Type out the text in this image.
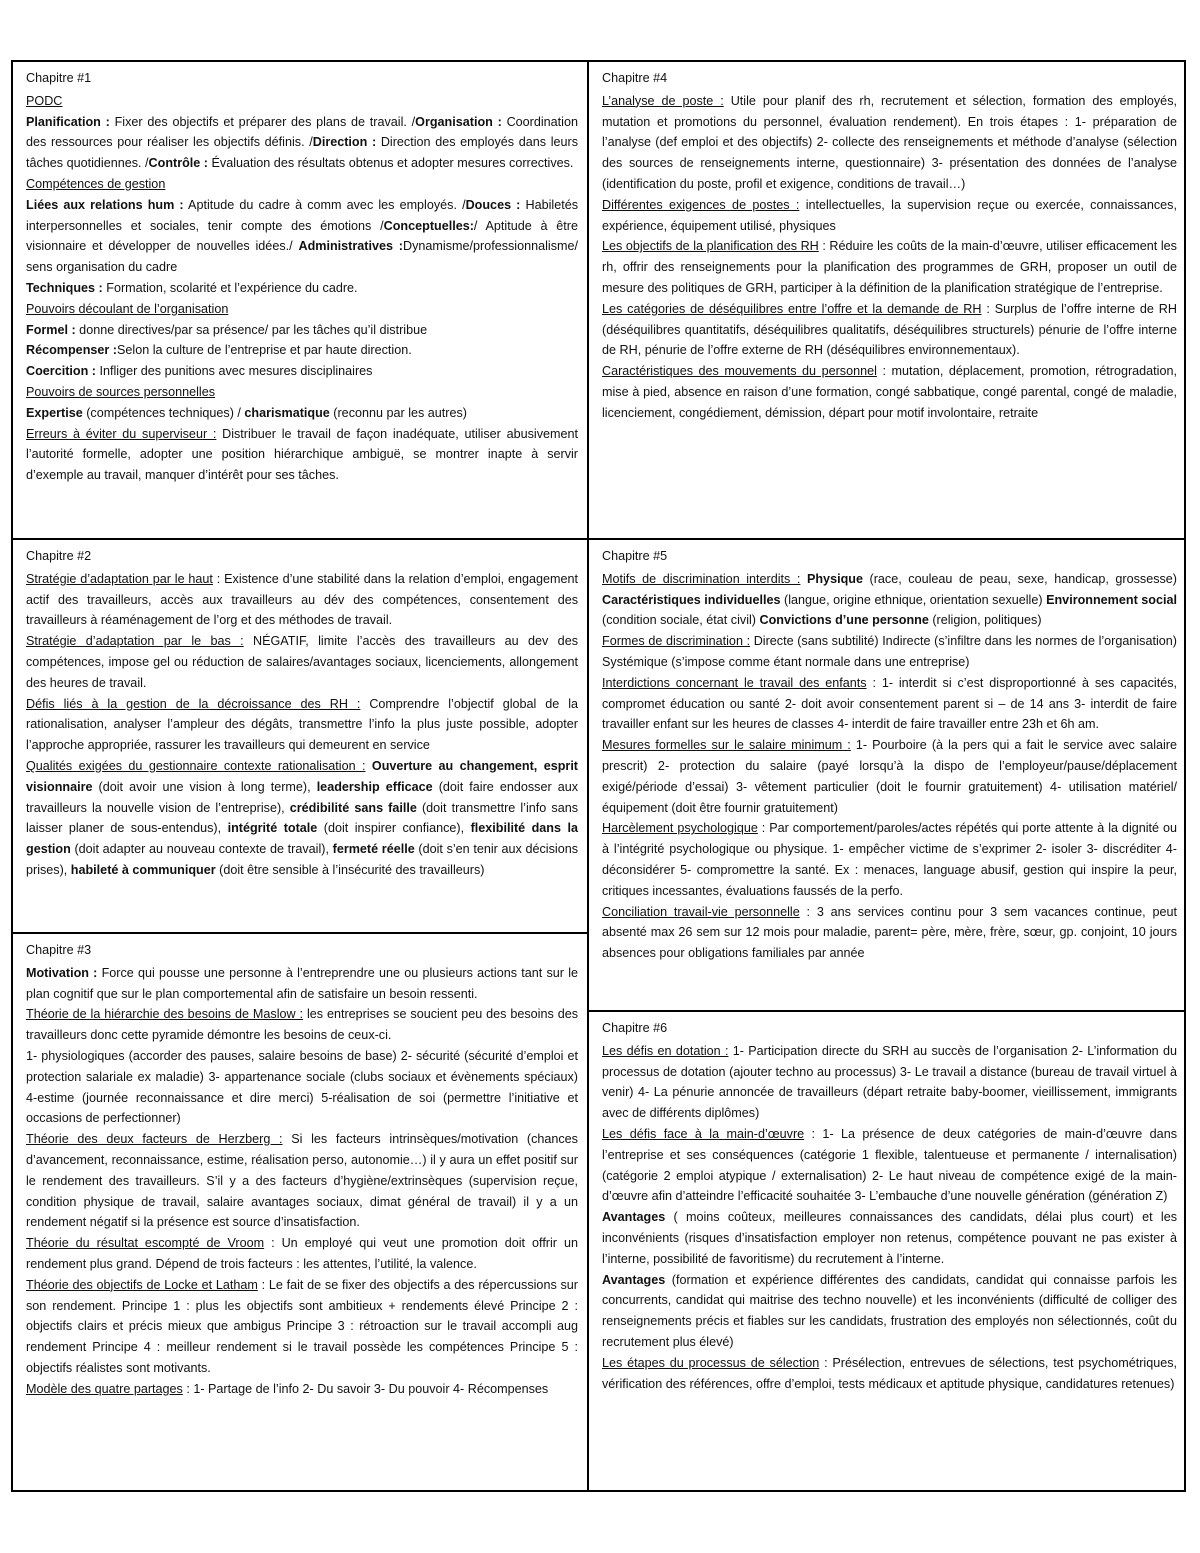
Chapitre #1

PODC

Planification : Fixer des objectifs et préparer des plans de travail. /Organisation : Coordination des ressources pour réaliser les objectifs définis. /Direction : Direction des employés dans leurs tâches quotidiennes. /Contrôle : Évaluation des résultats obtenus et adopter mesures correctives.

Compétences de gestion

Liées aux relations hum : Aptitude du cadre à comm avec les employés. /Douces : Habiletés interpersonnelles et sociales, tenir compte des émotions /Conceptuelles:/ Aptitude à être visionnaire et développer de nouvelles idées./ Administratives :Dynamisme/professionnalisme/ sens organisation du cadre

Techniques : Formation, scolarité et l’expérience du cadre.

Pouvoirs découlant de l’organisation

Formel : donne directives/par sa présence/ par les tâches qu’il distribue

Récompenser :Selon la culture de l’entreprise et par haute direction.

Coercition : Infliger des punitions avec mesures disciplinaires

Pouvoirs de sources personnelles

Expertise (compétences techniques) / charismatique (reconnu par les autres)

Erreurs à éviter du superviseur : Distribuer le travail de façon inadéquate, utiliser abusivement l’autorité formelle, adopter une position hiérarchique ambiguë, se montrer inapte à servir d’exemple au travail, manquer d’intérêt pour ses tâches.

Chapitre #2

Stratégie d’adaptation par le haut : Existence d’une stabilité dans la relation d’emploi, engagement actif des travailleurs, accès aux travailleurs au dév des compétences, consentement des travailleurs à réaménagement de l’org et des méthodes de travail.

Stratégie d’adaptation par le bas : NÉGATIF, limite l’accès des travailleurs au dev des compétences, impose gel ou réduction de salaires/avantages sociaux, licenciements, allongement des heures de travail.

Défis liés à la gestion de la décroissance des RH : Comprendre l’objectif global de la rationalisation, analyser l’ampleur des dégâts, transmettre l’info la plus juste possible, adopter l’approche appropriée, rassurer les travailleurs qui demeurent en service

Qualités exigées du gestionnaire contexte rationalisation : Ouverture au changement, esprit visionnaire (doit avoir une vision à long terme), leadership efficace (doit faire endosser aux travailleurs la nouvelle vision de l’entreprise), crédibilité sans faille (doit transmettre l’info sans laisser planer de sous-entendus), intégrité totale (doit inspirer confiance), flexibilité dans la gestion (doit adapter au nouveau contexte de travail), fermeté réelle (doit s’en tenir aux décisions prises), habileté à communiquer (doit être sensible à l’insécurité des travailleurs)

Chapitre #3

Motivation : Force qui pousse une personne à l’entreprendre une ou plusieurs actions tant sur le plan cognitif que sur le plan comportemental afin de satisfaire un besoin ressenti.

Théorie de la hiérarchie des besoins de Maslow : les entreprises se soucient peu des besoins des travailleurs donc cette pyramide démontre les besoins de ceux-ci.

1- physiologiques (accorder des pauses, salaire besoins de base) 2- sécurité (sécurité d’emploi et protection salariale ex maladie) 3- appartenance sociale (clubs sociaux et évènements spéciaux) 4-estime (journée reconnaissance et dire merci) 5-réalisation de soi (permettre l’initiative et occasions de perfectionner)

Théorie des deux facteurs de Herzberg : Si les facteurs intrinsèques/motivation (chances d’avancement, reconnaissance, estime, réalisation perso, autonomie…) il y aura un effet positif sur le rendement des travailleurs. S’il y a des facteurs d’hygiène/extrinsèques (supervision reçue, condition physique de travail, salaire avantages sociaux, dimat général de travail) il y a un rendement négatif si la présence est source d’insatisfaction.

Théorie du résultat escompté de Vroom : Un employé qui veut une promotion doit offrir un rendement plus grand. Dépend de trois facteurs : les attentes, l’utilité, la valence.

Théorie des objectifs de Locke et Latham : Le fait de se fixer des objectifs a des répercussions sur son rendement. Principe 1 : plus les objectifs sont ambitieux + rendements élevé Principe 2 : objectifs clairs et précis mieux que ambigus Principe 3 : rétroaction sur le travail accompli aug rendement Principe 4 : meilleur rendement si le travail possède les compétences Principe 5 : objectifs réalistes sont motivants.

Modèle des quatre partages : 1- Partage de l’info 2- Du savoir 3- Du pouvoir 4- Récompenses

Chapitre #4

L’analyse de poste : Utile pour planif des rh, recrutement et sélection, formation des employés, mutation et promotions du personnel, évaluation rendement). En trois étapes : 1- préparation de l’analyse (def emploi et des objectifs) 2- collecte des renseignements et méthode d’analyse (sélection des sources de renseignements interne, questionnaire) 3- présentation des données de l’analyse (identification du poste, profil et exigence, conditions de travail…)

Différentes exigences de postes : intellectuelles, la supervision reçue ou exercée, connaissances, expérience, équipement utilisé, physiques

Les objectifs de la planification des RH : Réduire les coûts de la main-d’œuvre, utiliser efficacement les rh, offrir des renseignements pour la planification des programmes de GRH, proposer un outil de mesure des politiques de GRH, participer à la définition de la planification stratégique de l’entreprise.

Les catégories de déséquilibres entre l’offre et la demande de RH : Surplus de l’offre interne de RH (déséquilibres quantitatifs, déséquilibres qualitatifs, déséquilibres structurels) pénurie de l’offre interne de RH, pénurie de l’offre externe de RH (déséquilibres environnementaux).

Caractéristiques des mouvements du personnel : mutation, déplacement, promotion, rétrogradation, mise à pied, absence en raison d’une formation, congé sabbatique, congé parental, congé de maladie, licenciement, congédiement, démission, départ pour motif involontaire, retraite

Chapitre #5

Motifs de discrimination interdits : Physique (race, couleau de peau, sexe, handicap, grossesse) Caractéristiques individuelles (langue, origine ethnique, orientation sexuelle) Environnement social (condition sociale, état civil) Convictions d’une personne (religion, politiques)

Formes de discrimination : Directe (sans subtilité) Indirecte (s’infiltre dans les normes de l’organisation) Systémique (s’impose comme étant normale dans une entreprise)

Interdictions concernant le travail des enfants : 1- interdit si c’est disproportionné à ses capacités, compromet éducation ou santé 2- doit avoir consentement parent si – de 14 ans 3- interdit de faire travailler enfant sur les heures de classes 4- interdit de faire travailler entre 23h et 6h am.

Mesures formelles sur le salaire minimum : 1- Pourboire (à la pers qui a fait le service avec salaire prescrit) 2- protection du salaire (payé lorsqu’à la dispo de l’employeur/pause/déplacement exigé/période d’essai) 3- vêtement particulier (doit le fournir gratuitement) 4- utilisation matériel/équipement (doit être fournir gratuitement)

Harcèlement psychologique : Par comportement/paroles/actes répétés qui porte attente à la dignité ou à l’intégrité psychologique ou physique. 1- empêcher victime de s’exprimer 2- isoler 3- discréditer 4- déconsidérer 5- compromettre la santé. Ex : menaces, language abusif, gestion qui inspire la peur, critiques incessantes, évaluations faussés de la perfo.

Conciliation travail-vie personnelle : 3 ans services continu pour 3 sem vacances continue, peut absenté max 26 sem sur 12 mois pour maladie, parent= père, mère, frère, sœur, gp. conjoint, 10 jours absences pour obligations familiales par année

Chapitre #6

Les défis en dotation : 1- Participation directe du SRH au succès de l’organisation 2- L’information du processus de dotation (ajouter techno au processus) 3- Le travail a distance (bureau de travail virtuel à venir) 4- La pénurie annoncée de travailleurs (départ retraite baby-boomer, vieillissement, immigrants avec de différents diplômes)

Les défis face à la main-d’œuvre : 1- La présence de deux catégories de main-d’œuvre dans l’entreprise et ses conséquences (catégorie 1 flexible, talentueuse et permanente / internalisation) (catégorie 2 emploi atypique / externalisation) 2- Le haut niveau de compétence exigé de la main-d’œuvre afin d’atteindre l’efficacité souhaitée 3- L’embauche d’une nouvelle génération (génération Z)

Avantages ( moins coûteux, meilleures connaissances des candidats, délai plus court) et les inconvénients (risques d’insatisfaction employer non retenus, compétence pouvant ne pas exister à l’interne, possibilité de favoritisme) du recrutement à l’interne.

Avantages (formation et expérience différentes des candidats, candidat qui connaisse parfois les concurrents, candidat qui maitrise des techno nouvelle) et les inconvénients (difficulté de colliger des renseignements précis et fiables sur les candidats, frustration des employés non sélectionnés, coût du recrutement plus élevé)

Les étapes du processus de sélection : Présélection, entrevues de sélections, test psychométriques, vérification des références, offre d’emploi, tests médicaux et aptitude physique, candidatures retenues)
